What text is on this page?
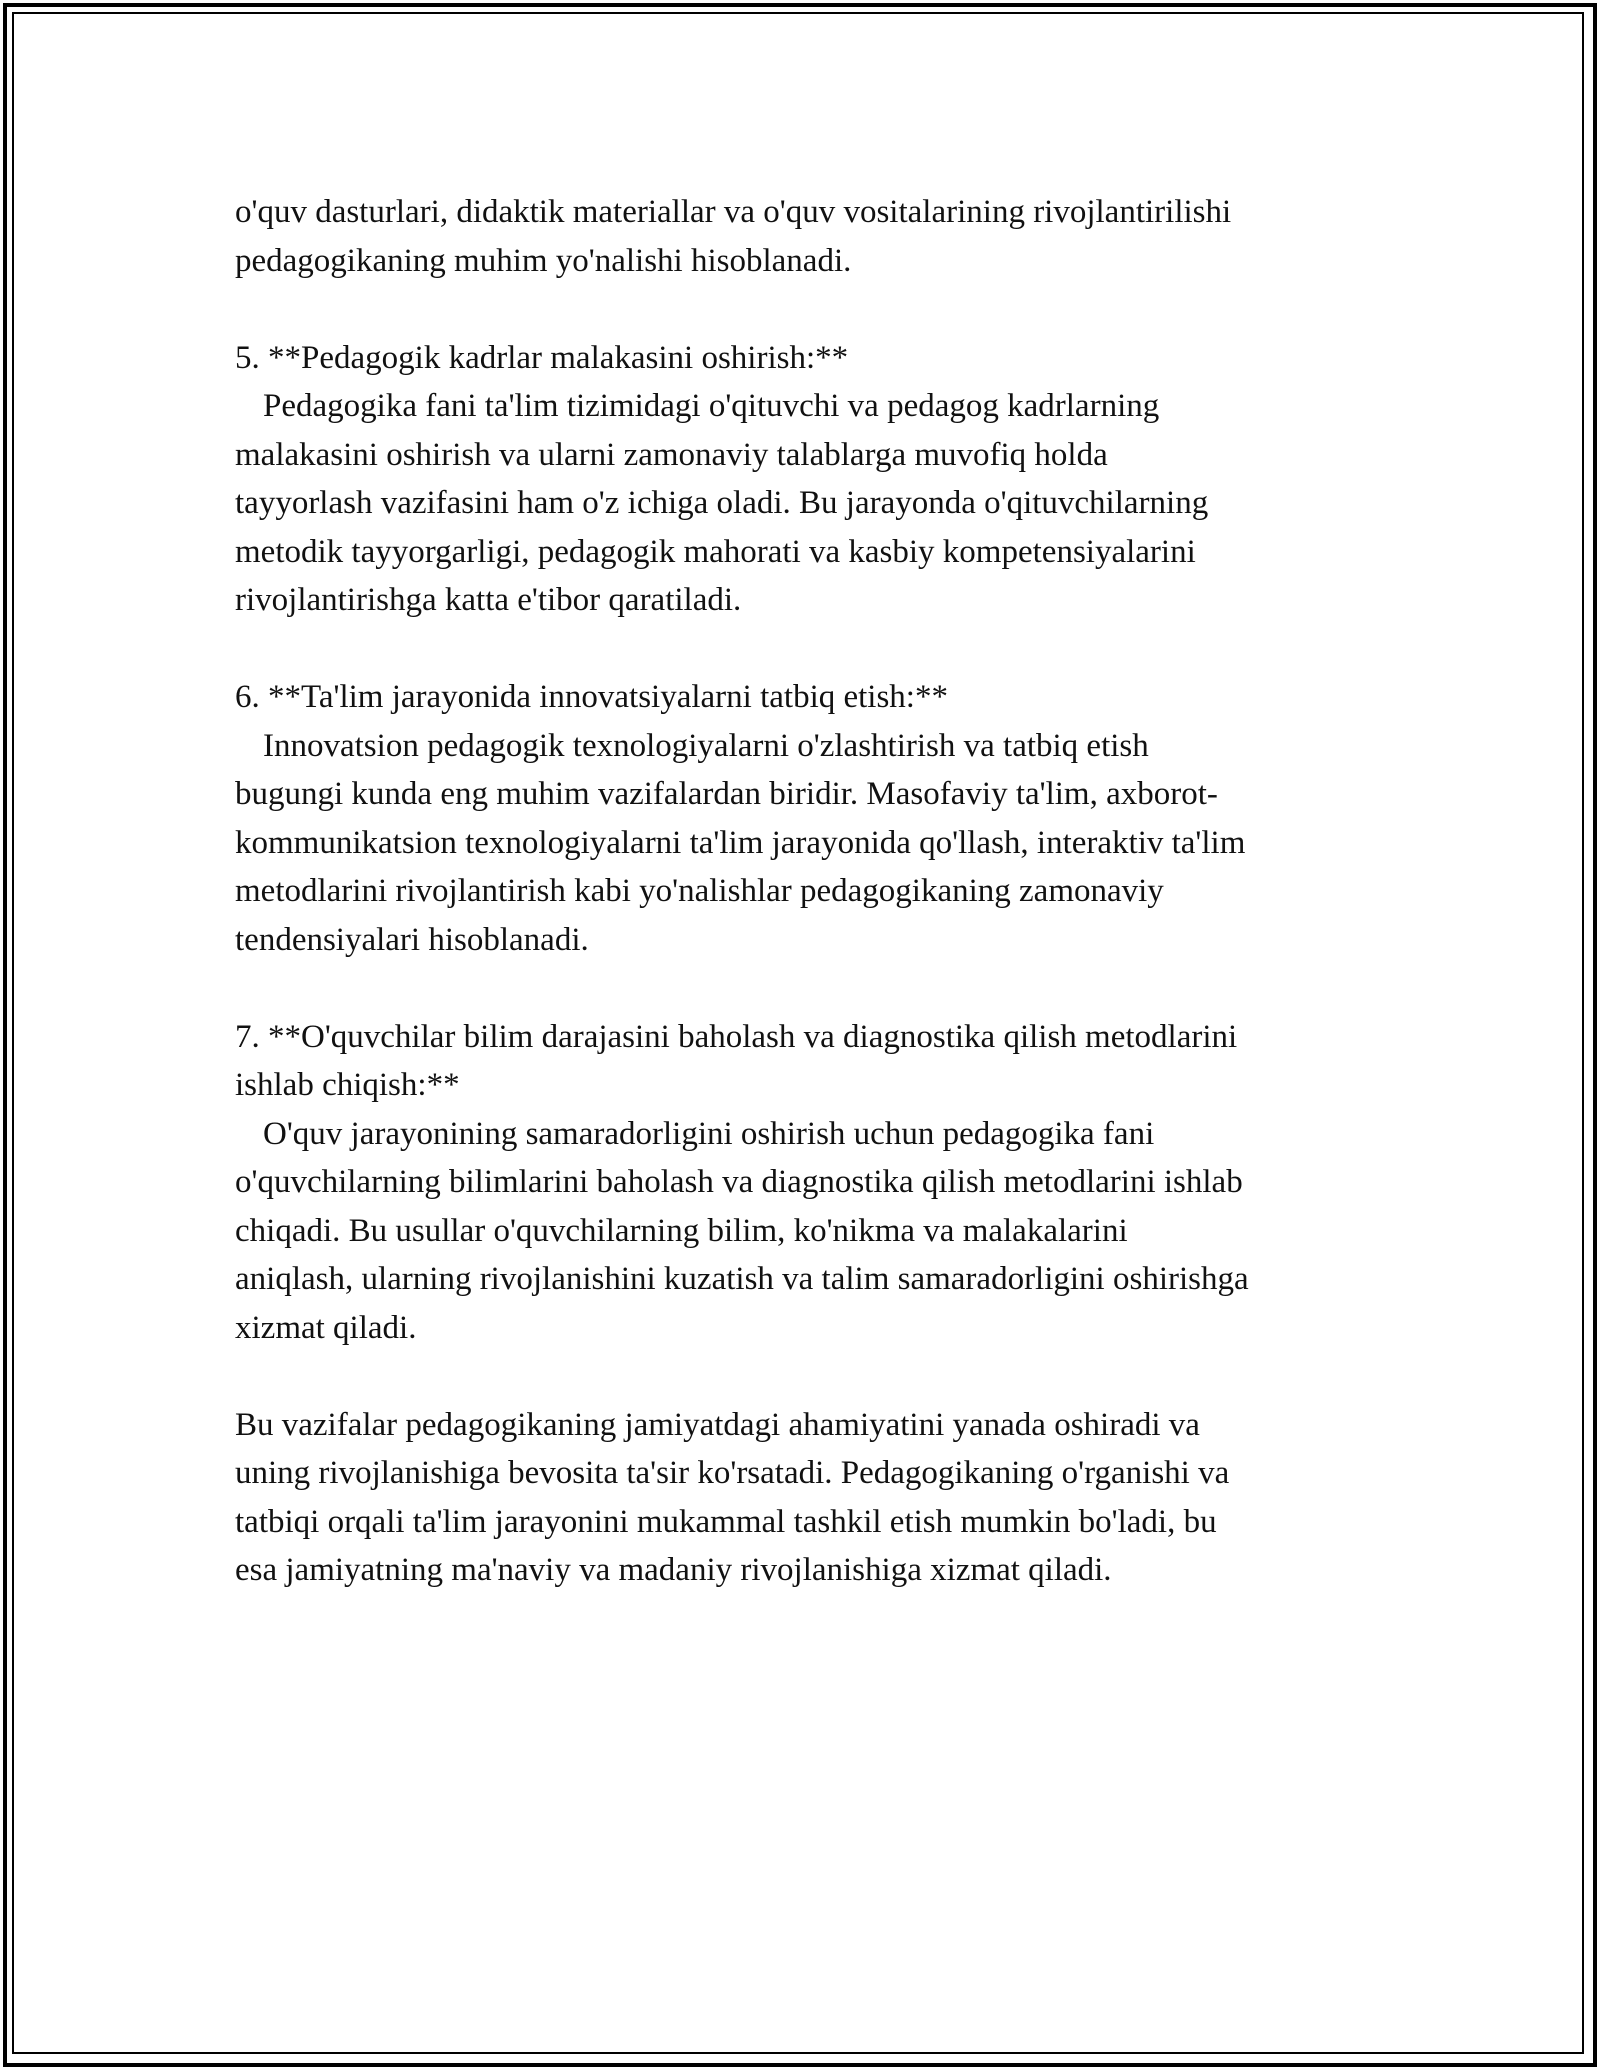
o'quv dasturlari, didaktik materiallar va o'quv vositalarining rivojlantirilishi
pedagogikaning muhim yo'nalishi hisoblanadi.
5. **Pedagogik kadrlar malakasini oshirish:**
Pedagogika fani ta'lim tizimidagi o'qituvchi va pedagog kadrlarning
malakasini oshirish va ularni zamonaviy talablarga muvofiq holda
tayyorlash vazifasini ham o'z ichiga oladi. Bu jarayonda o'qituvchilarning
metodik tayyorgarligi, pedagogik mahorati va kasbiy kompetensiyalarini
rivojlantirishga katta e'tibor qaratiladi.
6. **Ta'lim jarayonida innovatsiyalarni tatbiq etish:**
Innovatsion pedagogik texnologiyalarni o'zlashtirish va tatbiq etish
bugungi kunda eng muhim vazifalardan biridir. Masofaviy ta'lim, axborot-
kommunikatsion texnologiyalarni ta'lim jarayonida qo'llash, interaktiv ta'lim
metodlarini rivojlantirish kabi yo'nalishlar pedagogikaning zamonaviy
tendensiyalari hisoblanadi.
7. **O'quvchilar bilim darajasini baholash va diagnostika qilish metodlarini
ishlab chiqish:**
O'quv jarayonining samaradorligini oshirish uchun pedagogika fani
o'quvchilarning bilimlarini baholash va diagnostika qilish metodlarini ishlab
chiqadi. Bu usullar o'quvchilarning bilim, ko'nikma va malakalarini
aniqlash, ularning rivojlanishini kuzatish va talim samaradorligini oshirishga
xizmat qiladi.
Bu vazifalar pedagogikaning jamiyatdagi ahamiyatini yanada oshiradi va
uning rivojlanishiga bevosita ta'sir ko'rsatadi. Pedagogikaning o'rganishi va
tatbiqi orqali ta'lim jarayonini mukammal tashkil etish mumkin bo'ladi, bu
esa jamiyatning ma'naviy va madaniy rivojlanishiga xizmat qiladi.
